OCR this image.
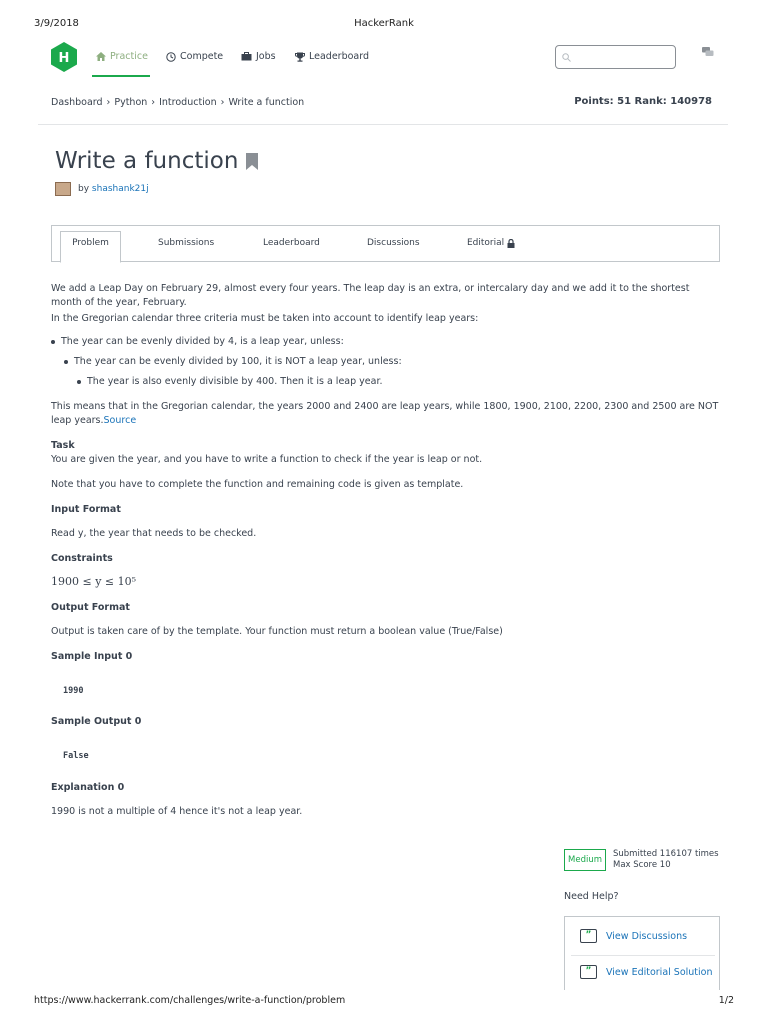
3/9/2018	HackerRank
H	Practice	Compete	Jobs	Leaderboard
Dashboard › Python › Introduction › Write a function	Points: 51 Rank: 140978
Write a function
by shashank21j
Problem	Submissions	Leaderboard	Discussions	Editorial

We add a Leap Day on February 29, almost every four years. The leap day is an extra, or intercalary day and we add it to the shortest month of the year, February.

In the Gregorian calendar three criteria must be taken into account to identify leap years:

The year can be evenly divided by 4, is a leap year, unless:
The year can be evenly divided by 100, it is NOT a leap year, unless:
The year is also evenly divisible by 400. Then it is a leap year.

This means that in the Gregorian calendar, the years 2000 and 2400 are leap years, while 1800, 1900, 2100, 2200, 2300 and 2500 are NOT leap years.Source

Task

You are given the year, and you have to write a function to check if the year is leap or not.

Note that you have to complete the function and remaining code is given as template.

Input Format

Read y, the year that needs to be checked.

Constraints

1900 ≤ y ≤ 10⁵

Output Format

Output is taken care of by the template. Your function must return a boolean value (True/False)

Sample Input 0

1990

Sample Output 0

False

Explanation 0

1990 is not a multiple of 4 hence it's not a leap year.

Medium
Submitted 116107 times
Max Score 10
Need Help?
”	View Discussions
”	View Editorial Solution
https://www.hackerrank.com/challenges/write-a-function/problem	1/2
